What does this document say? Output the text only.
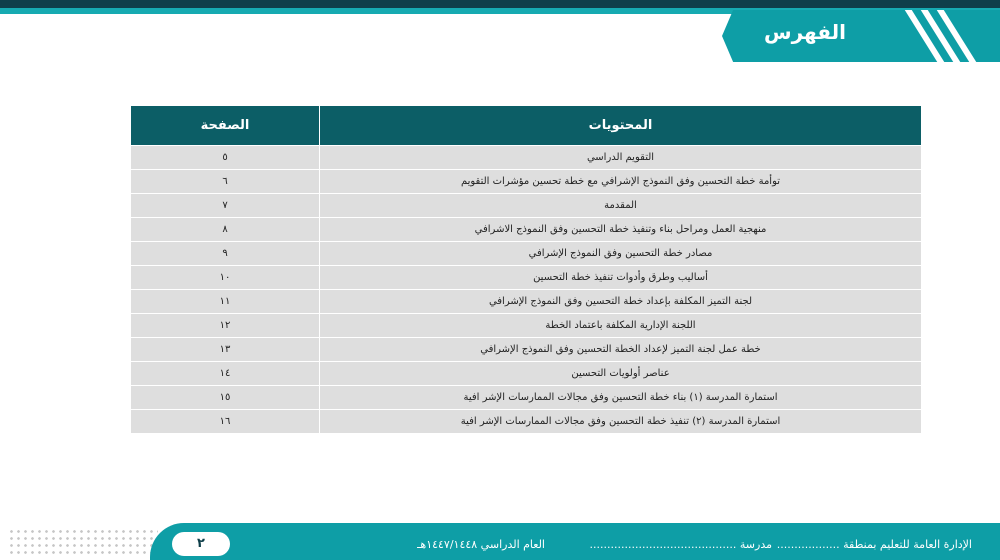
الفهرس
المحتويات	الصفحة
التقويم الدراسي	٥
توأمة خطة التحسين وفق النموذج الإشرافي مع خطة تحسين مؤشرات التقويم	٦
المقدمة	٧
منهجية العمل ومراحل بناء وتنفيذ خطة التحسين وفق النموذج الاشرافي	٨
مصادر خطة التحسين وفق النموذج الإشرافي	٩
أساليب وطرق وأدوات تنفيذ خطة التحسين	١٠
لجنة التميز المكلفة بإعداد خطة التحسين وفق النموذج الإشرافي	١١
اللجنة الإدارية المكلفة باعتماد الخطة	١٢
خطة عمل لجنة التميز لإعداد الخطة التحسين وفق النموذج الإشرافي	١٣
عناصر أولويات التحسين	١٤
استمارة المدرسة (١) بناء خطة التحسين وفق مجالات الممارسات الإشر افية	١٥
استمارة المدرسة (٢) تنفيذ خطة التحسين وفق مجالات الممارسات الإشر افية	١٦
٢	الإدارة العامة للتعليم بمنطقة ..................
مدرسة ..........................................
العام الدراسي ١٤٤٧/١٤٤٨هـ
